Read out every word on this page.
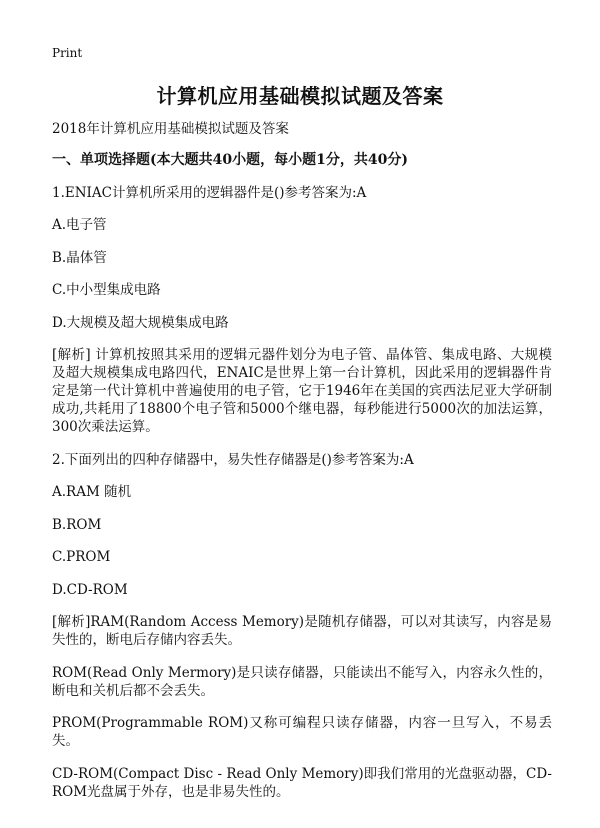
Print
计算机应用基础模拟试题及答案

2018年计算机应用基础模拟试题及答案

一、单项选择题(本大题共40小题，每小题1分，共40分)

1.ENIAC计算机所采用的逻辑器件是()参考答案为:A

A.电子管

B.晶体管

C.中小型集成电路

D.大规模及超大规模集成电路

[解析] 计算机按照其采用的逻辑元器件划分为电子管、晶体管、集成电路、大规模及超大规模集成电路四代，ENAIC是世界上第一台计算机，因此采用的逻辑器件肯定是第一代计算机中普遍使用的电子管，它于1946年在美国的宾西法尼亚大学研制成功,共耗用了18800个电子管和5000个继电器，每秒能进行5000次的加法运算，300次乘法运算。

2.下面列出的四种存储器中，易失性存储器是()参考答案为:A

A.RAM 随机

B.ROM

C.PROM

D.CD-ROM

[解析]RAM(Random Access Memory)是随机存储器，可以对其读写，内容是易失性的，断电后存储内容丢失。

ROM(Read Only Mermory)是只读存储器，只能读出不能写入，内容永久性的，断电和关机后都不会丢失。

PROM(Programmable ROM)又称可编程只读存储器，内容一旦写入，不易丢失。

CD-ROM(Compact Disc - Read Only Memory)即我们常用的光盘驱动器，CD-ROM光盘属于外存，也是非易失性的。
